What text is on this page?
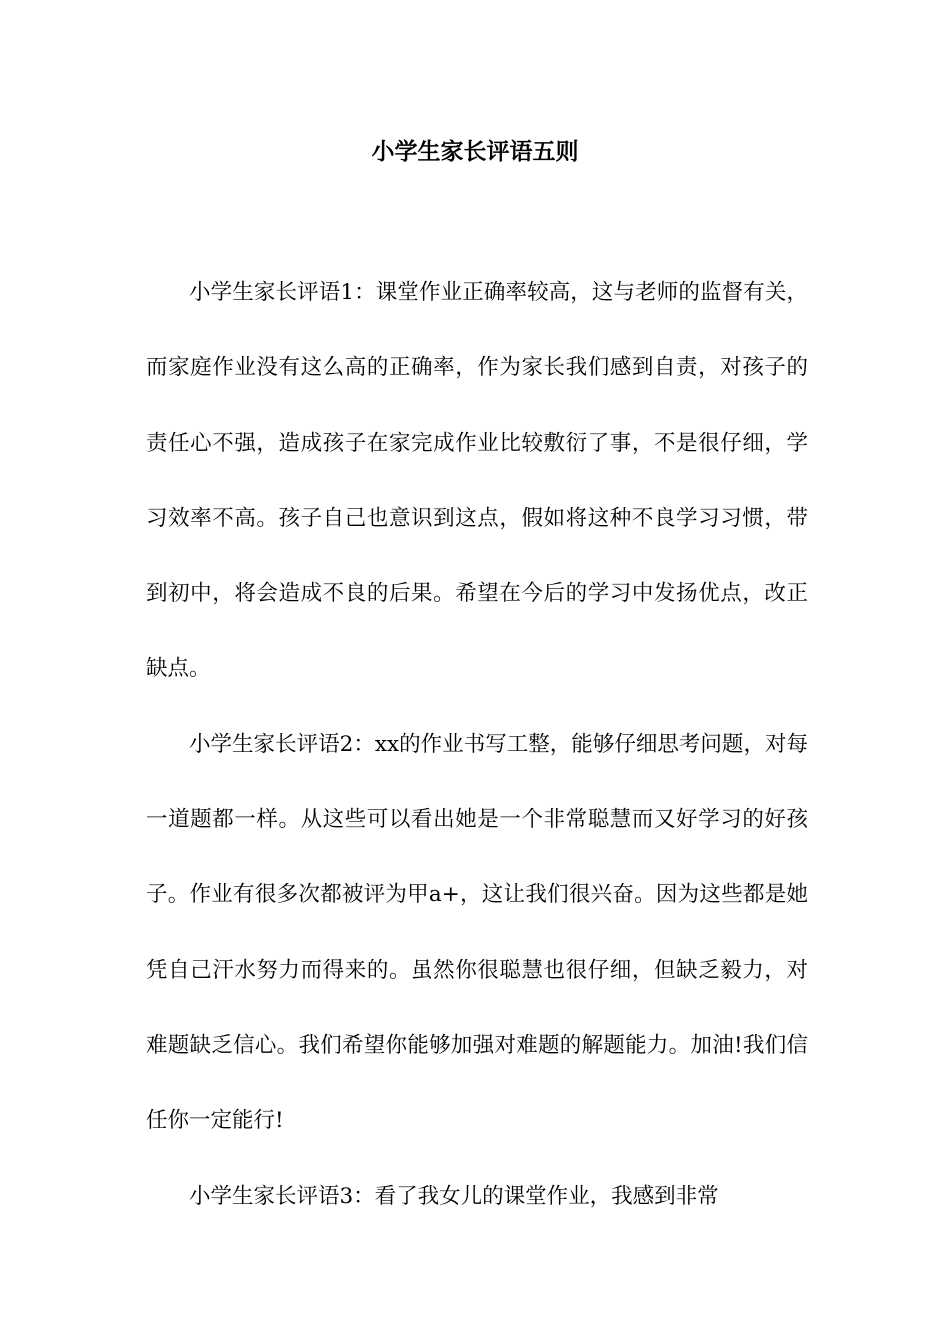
小学生家长评语五则

小学生家长评语1：课堂作业正确率较高，这与老师的监督有关，而家庭作业没有这么高的正确率，作为家长我们感到自责，对孩子的责任心不强，造成孩子在家完成作业比较敷衍了事，不是很仔细，学习效率不高。孩子自己也意识到这点，假如将这种不良学习习惯，带到初中，将会造成不良的后果。希望在今后的学习中发扬优点，改正缺点。

小学生家长评语2：xx的作业书写工整，能够仔细思考问题，对每一道题都一样。从这些可以看出她是一个非常聪慧而又好学习的好孩子。作业有很多次都被评为甲a+，这让我们很兴奋。因为这些都是她凭自己汗水努力而得来的。虽然你很聪慧也很仔细，但缺乏毅力，对难题缺乏信心。我们希望你能够加强对难题的解题能力。加油!我们信任你一定能行!

小学生家长评语3：看了我女儿的课堂作业，我感到非常
